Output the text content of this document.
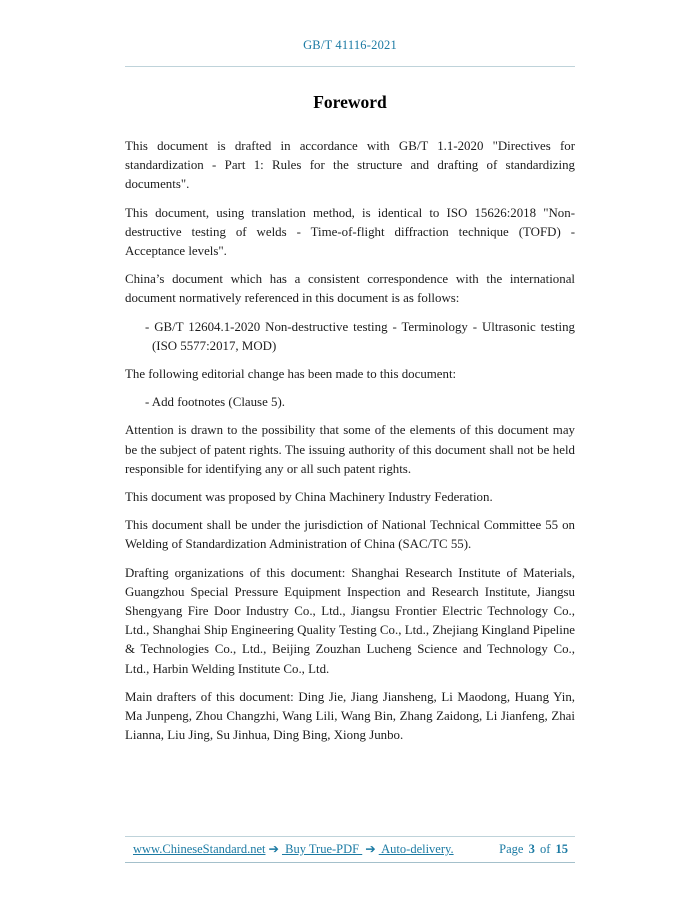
GB/T 41116-2021
Foreword

This document is drafted in accordance with GB/T 1.1-2020 "Directives for standardization - Part 1: Rules for the structure and drafting of standardizing documents".

This document, using translation method, is identical to ISO 15626:2018 "Non-destructive testing of welds - Time-of-flight diffraction technique (TOFD) - Acceptance levels".

China’s document which has a consistent correspondence with the international document normatively referenced in this document is as follows:

- GB/T 12604.1-2020 Non-destructive testing - Terminology - Ultrasonic testing (ISO 5577:2017, MOD)

The following editorial change has been made to this document:

- Add footnotes (Clause 5).

Attention is drawn to the possibility that some of the elements of this document may be the subject of patent rights. The issuing authority of this document shall not be held responsible for identifying any or all such patent rights.

This document was proposed by China Machinery Industry Federation.

This document shall be under the jurisdiction of National Technical Committee 55 on Welding of Standardization Administration of China (SAC/TC 55).

Drafting organizations of this document: Shanghai Research Institute of Materials, Guangzhou Special Pressure Equipment Inspection and Research Institute, Jiangsu Shengyang Fire Door Industry Co., Ltd., Jiangsu Frontier Electric Technology Co., Ltd., Shanghai Ship Engineering Quality Testing Co., Ltd., Zhejiang Kingland Pipeline & Technologies Co., Ltd., Beijing Zouzhan Lucheng Science and Technology Co., Ltd., Harbin Welding Institute Co., Ltd.

Main drafters of this document: Ding Jie, Jiang Jiansheng, Li Maodong, Huang Yin, Ma Junpeng, Zhou Changzhi, Wang Lili, Wang Bin, Zhang Zaidong, Li Jianfeng, Zhai Lianna, Liu Jing, Su Jinhua, Ding Bing, Xiong Junbo.

www.ChineseStandard.net ➔ Buy True-PDF ➔ Auto-delivery.	Page 3 of 15
